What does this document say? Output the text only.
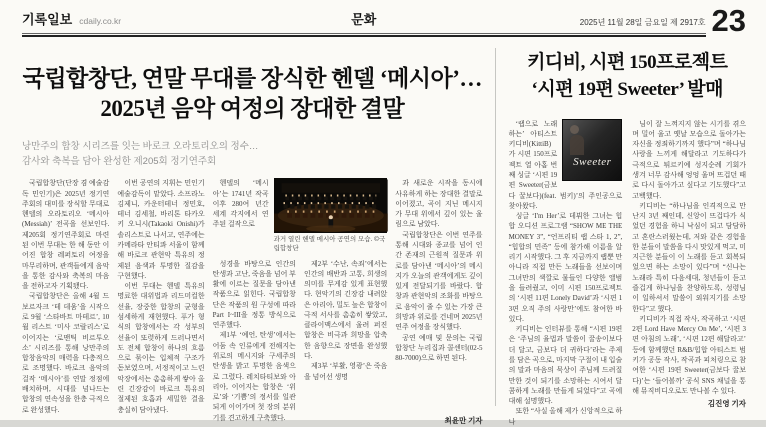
기록일보 cdaily.co.kr	문화	2025년 11월 28일 금요일 제 2917호 23
국립합창단, 연말 무대를 장식한 헨델 ‘메시아’…
2025년 음악 여정의 장대한 결말
낭만주의 합창 시리즈를 잇는 바로크 오라토리오의 정수…
감사와 축복을 담아 완성한 제205회 정기연주회

국립합창단(단장 겸 예술감독 민인기)은 2025년 정기연주회의 대미를 장식할 무대로 헨델의 오라토리오 ‘메시아(Messiah)’ 전곡을 선보인다. 제205회 정기연주회로 마련된 이번 무대는 한 해 동안 이어진 합창 레퍼토리 여정을 마무리하며, 관객들에게 음악을 통한 감사와 축복의 마음을 전하고자 기획됐다.

국립합창단은 올해 4월 드보르자크 ‘테 데움’을 시작으로 9월 ‘스타바트 마테르’, 10월 리스트 ‘미사 코랄리스’로 이어지는 ‘로맨틱 비르투오소’ 시리즈를 통해 낭만주의 합창음악의 매력을 다층적으로 조명했다. 바로크 음악의 걸작 ‘메시아’를 연말 정점에 배치하며, 시대를 넘나드는 합창의 연속성을 한층 극적으로 완성했다.

이번 공연의 지휘는 민인기 예술감독이 맡았다. 소프라노 김제니, 카운터테너 정민호, 테너 김세철, 바리톤 타카오키 오니시(Takaoki Onishi)가 솔리스트로 나서고, 연주에는 카메라타 안티콰 서울이 함께해 바로크 관현악 특유의 정제된 음색과 투명한 질감을 구현했다.

이번 무대는 헨델 특유의 명료한 대위법과 리드미컬한 선율, 장중한 합창의 균형을 섬세하게 재현했다. 푸가 형식의 합창에서는 각 성부의 선율이 또렷하게 드러나면서도 전체 합창이 하나의 흐름으로 묶이는 입체적 구조가 돋보였으며, 서정적이고 느린 악장에서는 촘촘하게 쌓아 올린 긴장감이 바로크 특유의 절제된 호흡과 세밀한 결을 충실히 담아냈다.

헨델의 ‘메시아’는 1741년 작곡 이후 280여 년간 세계 각지에서 연주된 걸작으로

과거 열린 헨델 메시아 공연의 모습. ©국립합창단

성경을 바탕으로 인간의 탄생과 고난, 죽음을 넘어 부활에 이르는 질문을 담아낸 작품으로 읽힌다. 국립합창단은 작품의 원 구성에 따라 Part I~III을 정통 방식으로 연주했다.

제1부 ‘예언, 탄생’에서는 어둠 속 인류에게 전해지는 위로의 메시지와 구세주의 탄생을 밝고 투명한 음색으로 그렸다. 레치타티보와 아리아, 이어지는 합창은 ‘위로’와 ‘기쁨’의 정서를 일관되게 이어가며 첫 장의 분위기를 견고하게 구축했다.

제2부 ‘수난, 속죄’에서는 인간의 배반과 고통, 희생의 의미를 무게감 있게 표현했다. 현악기의 긴장감 내려앉은 아리아, 밀도 높은 합창이 극적 서사를 촘촘히 쌓았고, 클라이맥스에서 울려 퍼진 합창은 비극과 희망을 압축한 음향으로 장면을 완성했다.

제3부 ‘부활, 영광’은 죽음을 넘어선 생명

과 새로운 시작을 동시에 사유하게 하는 장대한 결말로 이어졌고, 곡이 지닌 메시지가 무대 위에서 깊이 있는 울림으로 남았다.

국립합창단은 이번 연주를 통해 시대와 종교를 넘어 인간 존재의 근원적 질문과 위로를 담아낸 ‘메시아’의 메시지가 오늘의 관객에게도 깊이 있게 전달되기를 바랐다. 합창과 관현악의 조화를 바탕으로 음악이 줄 수 있는 가장 큰 희망과 위로를 건네며 2025년 연주 여정을 장식했다.

공연 예매 및 문의는 국립합창단 누리집과 콜센터(02-580-7000)으로 하면 된다.

최윤만 기자
키디비, 시편 150프로젝트
‘시편 19편 Sweeter’ 발매
Sweeter

‘랩으로 노래하는’ 아티스트 키디비(KittiB)가 시편 150프로젝트 열 아홉 번째 싱글 ‘시편 19편 Sweeter(금보다 꿀보다)(feat. 범키)’의 주인공으로 찾아왔다.

싱글 ‘I'm Her’로 데뷔한 그녀는 힙합 오디션 프로그램 “SHOW ME THE MONEY 3”, “언프리티 랩 스타 1, 2”, “힙합의 민족” 등에 참가해 이름을 알리기 시작했다. 그 후 지금까지 랩뿐 만 아니라 직접 만든 노래들을 선보이며 그녀만의 색깔로 물들인 다양한 앨범을 들려줬고, 이미 시편 150프로젝트의 ‘시편 11편 Lonely David’과 ‘시편 13편 오직 주의 사랑만’에도 참여한 바 있다.

키디비는 인터뷰를 통해 “시편 19편은 ‘주님의 율법과 말씀이 꿀송이보다 더 달고, 금보다 더 귀하다’라는 주제를 담은 곡으로, 마지막 구절이 내 입술의 말과 마음의 묵상이 주님께 드려질 만한 것이 되기를 소망하는 시여서 달콤하게 노래를 만들게 되었다”고 곡에 대해 설명했다.

또한 “사실 올해 제가 신앙적으로 하나

님이 잘 느껴지지 않는 시기를 겪으며 밀어 울고 옛날 모습으로 돌아가는 자신을 정죄하기까지 했다”며 “하나님 사랑을 느끼게 해달라고 기도하다가 극적으로 튀르키예 성지순례 기회가 생겨 너무 감사해 엉엉 울며 뜨겁던 때로 다시 돌아가고 싶다고 기도했다”고 고백했다.

키디비는 “하나님을 인격적으로 만난지 3년 째인데, 신앙이 뜨겁다가 식었던 경험을 하니 낙심이 되고 담담하고 혼란스러웠는데, 저와 같은 경험을 한 분들이 말씀을 다시 맛있게 먹고, 미지근한 분들이 이 노래를 듣고 회복되었으면 하는 소망이 있다”며 “신나는 노래라 특히 다음세대, 청년들이 듣고 즐겁게 하나님을 찬양하도록, 성령님이 일하셔서 말씀이 외워지기를 소망한다”고 했다.

키디비가 직접 작사, 작곡하고 ‘시편 2편 Lord Have Mercy On Me’, ‘시편 3편 아침의 노래’, ‘시편 12편 해달라고’ 등에 함께했던 R&B/힙합 아티스트 범키가 공동 작사, 작곡과 피처링으로 참여한 ‘시편 19편 Sweeter(금보다 꿀보다)’는 ‘들어볼까’ 공식 SNS 채널을 통해 뮤직비디오로도 만나볼 수 있다.

김진영 기자
